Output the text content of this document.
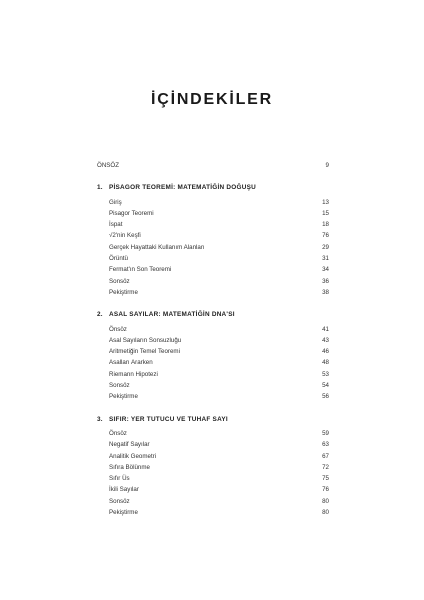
İÇİNDEKİLER
ÖNSÖZ	9
1. PİSAGOR TEOREMİ: MATEMATİĞİN DOĞUŞU
Giriş	13
Pisagor Teoremi	15
İspat	18
√2'nin Keşfi	76
Gerçek Hayattaki Kullanım Alanları	29
Örüntü	31
Fermat'ın Son Teoremi	34
Sonsöz	36
Pekiştirme	38
2. ASAL SAYILAR: MATEMATİĞİN DNA'SI
Önsöz	41
Asal Sayıların Sonsuzluğu	43
Aritmetiğin Temel Teoremi	46
Asalları Ararken	48
Riemann Hipotezi	53
Sonsöz	54
Pekiştirme	56
3. SIFIR: YER TUTUCU VE TUHAF SAYI
Önsöz	59
Negatif Sayılar	63
Analitik Geometri	67
Sıfıra Bölünme	72
Sıfır Üs	75
İkili Sayılar	76
Sonsöz	80
Pekiştirme	80
